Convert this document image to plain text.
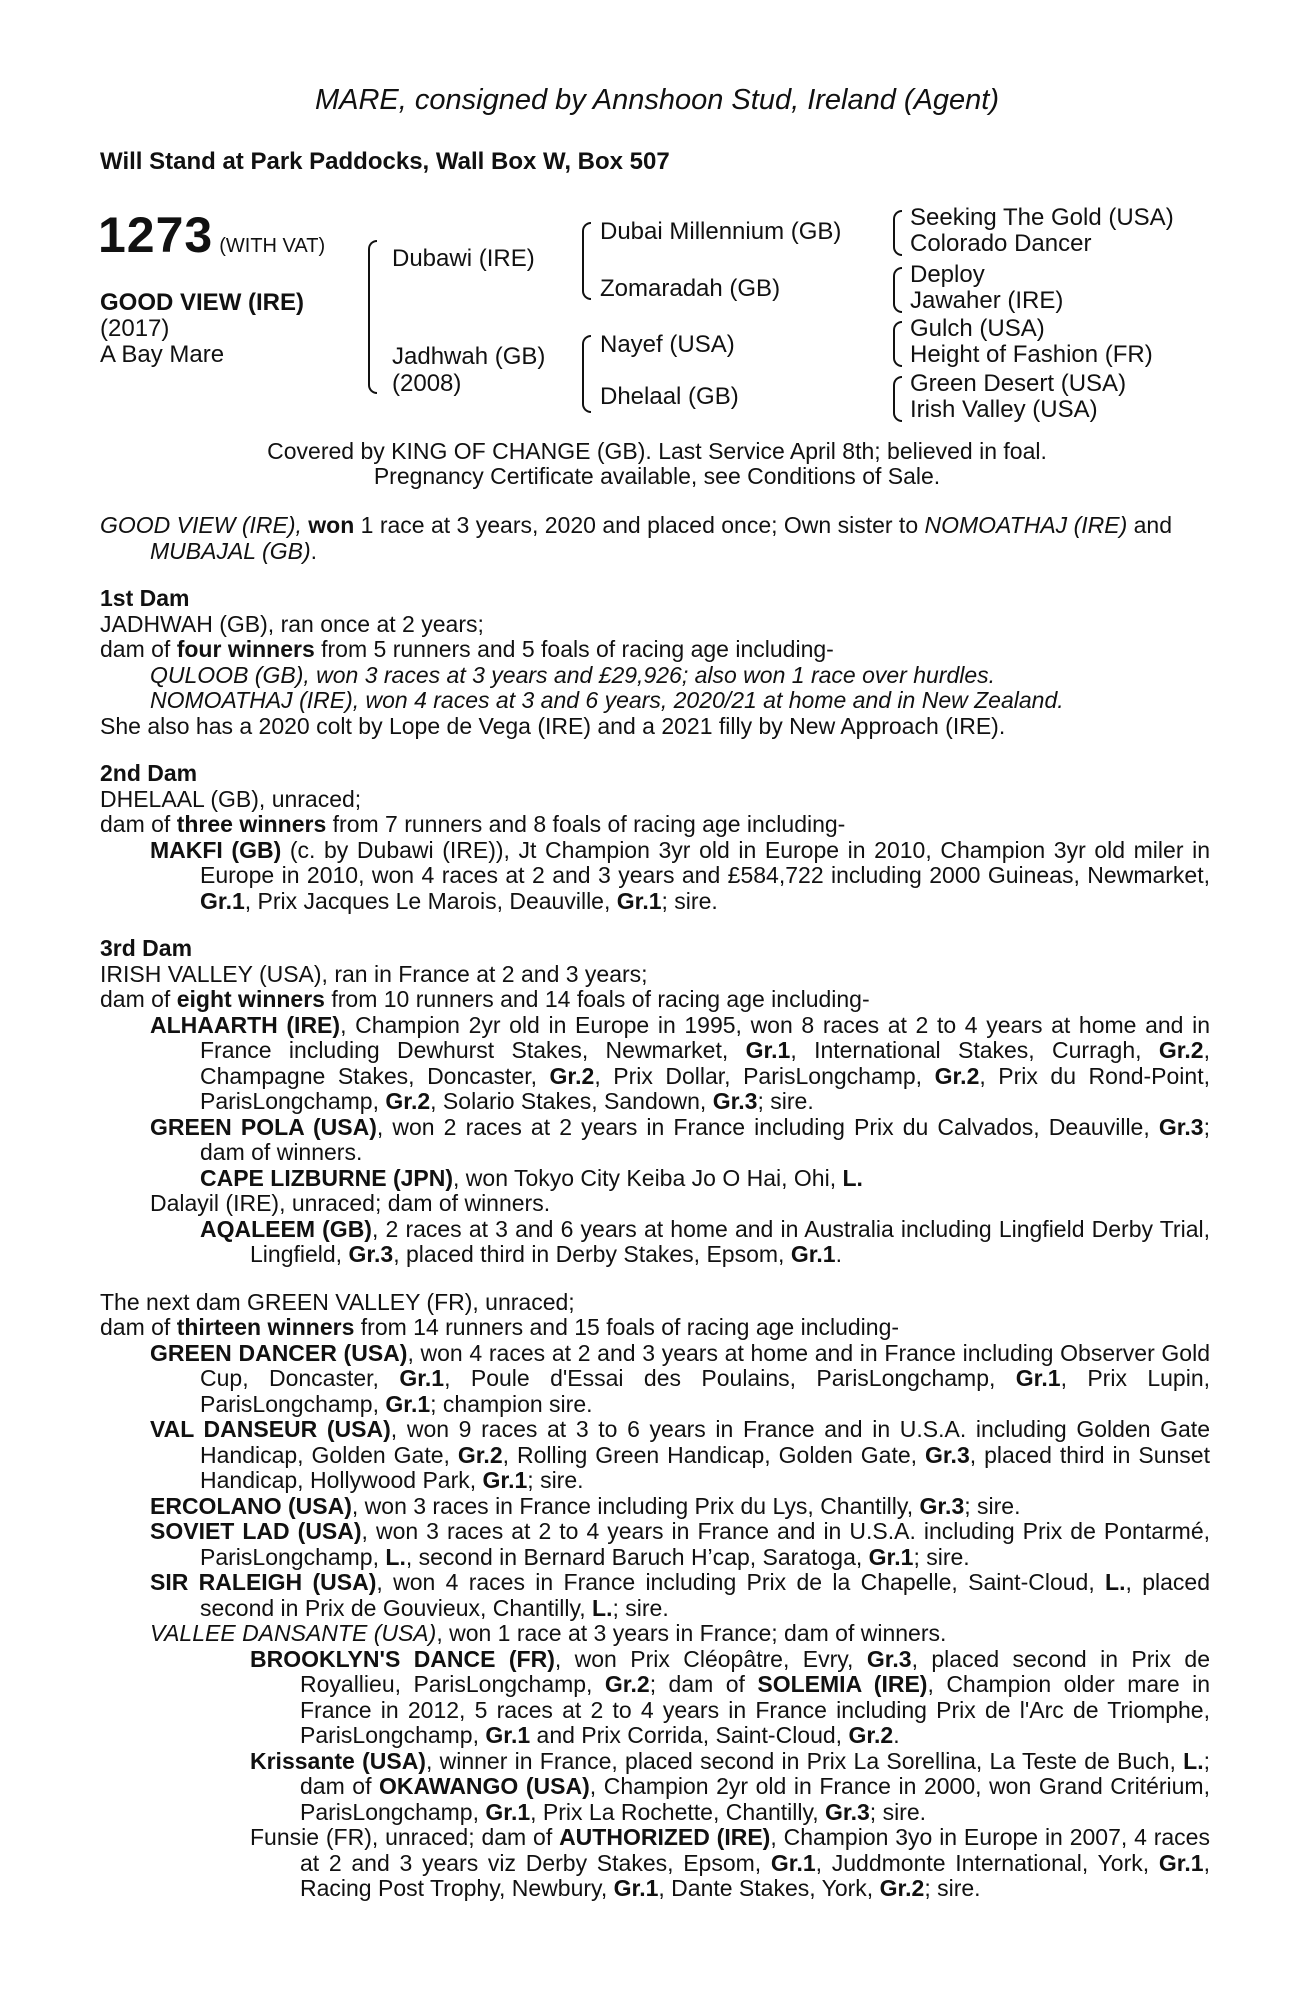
MARE, consigned by Annshoon Stud, Ireland (Agent)
Will Stand at Park Paddocks, Wall Box W, Box 507
1273 (WITH VAT)
GOOD VIEW (IRE)
(2017)
A Bay Mare
Dubawi (IRE)
Jadhwah (GB)
(2008)
Dubai Millennium (GB)
Zomaradah (GB)
Nayef (USA)
Dhelaal (GB)
Seeking The Gold (USA)
Colorado Dancer
Deploy
Jawaher (IRE)
Gulch (USA)
Height of Fashion (FR)
Green Desert (USA)
Irish Valley (USA)
Covered by KING OF CHANGE (GB). Last Service April 8th; believed in foal.
Pregnancy Certificate available, see Conditions of Sale.
GOOD VIEW (IRE), won 1 race at 3 years, 2020 and placed once; Own sister to NOMOATHAJ (IRE) and MUBAJAL (GB).
1st Dam
JADHWAH (GB), ran once at 2 years;
dam of four winners from 5 runners and 5 foals of racing age including-
QULOOB (GB), won 3 races at 3 years and £29,926; also won 1 race over hurdles.
NOMOATHAJ (IRE), won 4 races at 3 and 6 years, 2020/21 at home and in New Zealand.
She also has a 2020 colt by Lope de Vega (IRE) and a 2021 filly by New Approach (IRE).
2nd Dam
DHELAAL (GB), unraced;
dam of three winners from 7 runners and 8 foals of racing age including-
MAKFI (GB) (c. by Dubawi (IRE)), Jt Champion 3yr old in Europe in 2010, Champion 3yr old miler in Europe in 2010, won 4 races at 2 and 3 years and £584,722 including 2000 Guineas, Newmarket, Gr.1, Prix Jacques Le Marois, Deauville, Gr.1; sire.
3rd Dam
IRISH VALLEY (USA), ran in France at 2 and 3 years;
dam of eight winners from 10 runners and 14 foals of racing age including-
ALHAARTH (IRE), Champion 2yr old in Europe in 1995, won 8 races at 2 to 4 years at home and in France including Dewhurst Stakes, Newmarket, Gr.1, International Stakes, Curragh, Gr.2, Champagne Stakes, Doncaster, Gr.2, Prix Dollar, ParisLongchamp, Gr.2, Prix du Rond-Point, ParisLongchamp, Gr.2, Solario Stakes, Sandown, Gr.3; sire.
GREEN POLA (USA), won 2 races at 2 years in France including Prix du Calvados, Deauville, Gr.3; dam of winners.
CAPE LIZBURNE (JPN), won Tokyo City Keiba Jo O Hai, Ohi, L.
Dalayil (IRE), unraced; dam of winners.
AQALEEM (GB), 2 races at 3 and 6 years at home and in Australia including Lingfield Derby Trial, Lingfield, Gr.3, placed third in Derby Stakes, Epsom, Gr.1.
The next dam GREEN VALLEY (FR), unraced;
dam of thirteen winners from 14 runners and 15 foals of racing age including-
GREEN DANCER (USA), won 4 races at 2 and 3 years at home and in France including Observer Gold Cup, Doncaster, Gr.1, Poule d'Essai des Poulains, ParisLongchamp, Gr.1, Prix Lupin, ParisLongchamp, Gr.1; champion sire.
VAL DANSEUR (USA), won 9 races at 3 to 6 years in France and in U.S.A. including Golden Gate Handicap, Golden Gate, Gr.2, Rolling Green Handicap, Golden Gate, Gr.3, placed third in Sunset Handicap, Hollywood Park, Gr.1; sire.
ERCOLANO (USA), won 3 races in France including Prix du Lys, Chantilly, Gr.3; sire.
SOVIET LAD (USA), won 3 races at 2 to 4 years in France and in U.S.A. including Prix de Pontarmé, ParisLongchamp, L., second in Bernard Baruch H’cap, Saratoga, Gr.1; sire.
SIR RALEIGH (USA), won 4 races in France including Prix de la Chapelle, Saint-Cloud, L., placed second in Prix de Gouvieux, Chantilly, L.; sire.
VALLEE DANSANTE (USA), won 1 race at 3 years in France; dam of winners.
BROOKLYN'S DANCE (FR), won Prix Cléopâtre, Evry, Gr.3, placed second in Prix de Royallieu, ParisLongchamp, Gr.2; dam of SOLEMIA (IRE), Champion older mare in France in 2012, 5 races at 2 to 4 years in France including Prix de l'Arc de Triomphe, ParisLongchamp, Gr.1 and Prix Corrida, Saint-Cloud, Gr.2.
Krissante (USA), winner in France, placed second in Prix La Sorellina, La Teste de Buch, L.; dam of OKAWANGO (USA), Champion 2yr old in France in 2000, won Grand Critérium, ParisLongchamp, Gr.1, Prix La Rochette, Chantilly, Gr.3; sire.
Funsie (FR), unraced; dam of AUTHORIZED (IRE), Champion 3yo in Europe in 2007, 4 races at 2 and 3 years viz Derby Stakes, Epsom, Gr.1, Juddmonte International, York, Gr.1, Racing Post Trophy, Newbury, Gr.1, Dante Stakes, York, Gr.2; sire.
